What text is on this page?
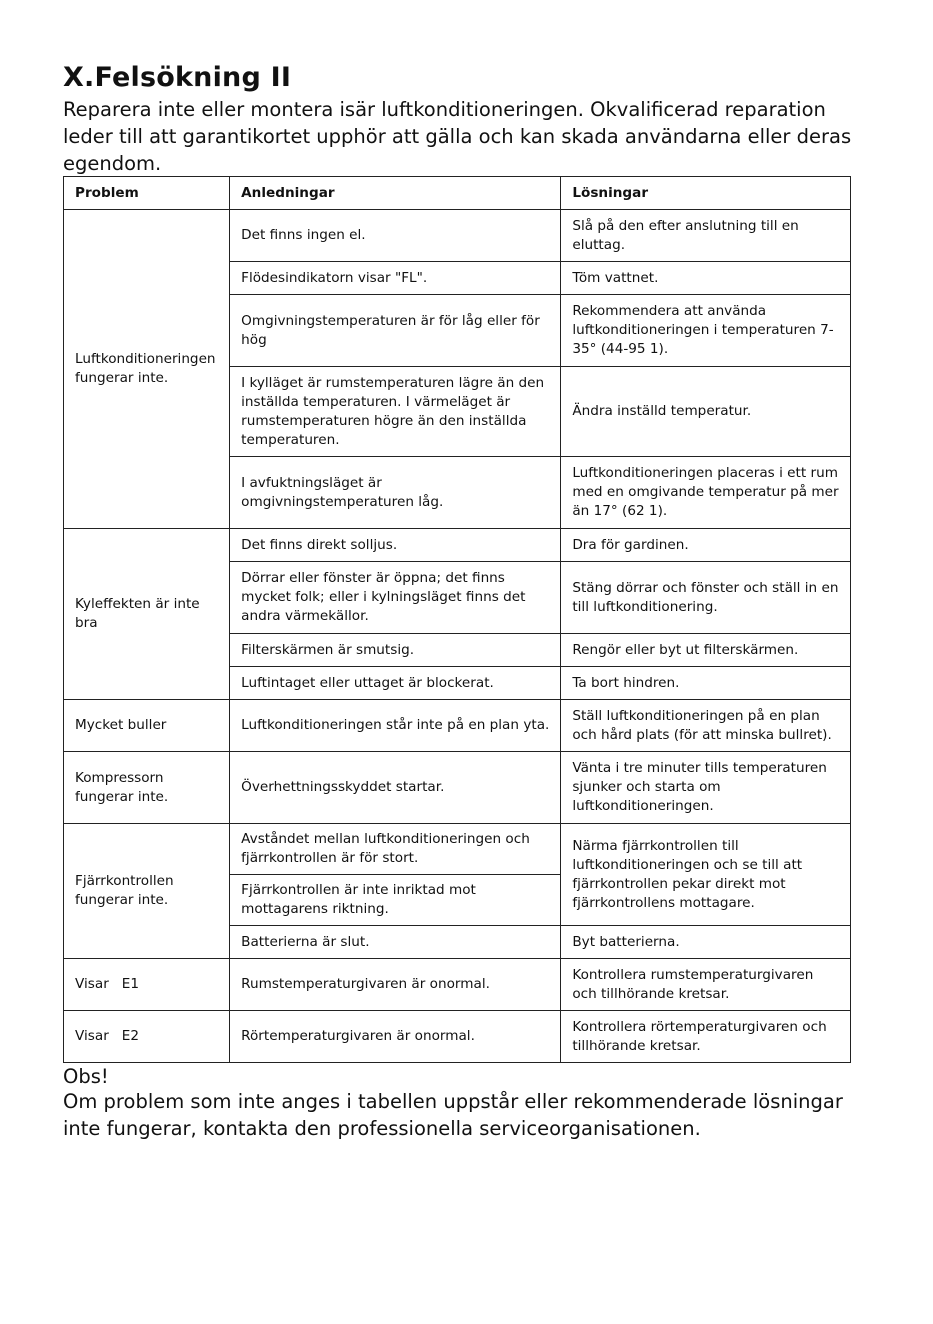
X.Felsökning II

Reparera inte eller montera isär luftkonditioneringen. Okvalificerad reparation leder till att garantikortet upphör att gälla och kan skada användarna eller deras egendom.

Problem	Anledningar	Lösningar
Luftkonditioneringen fungerar inte.	Det finns ingen el.	Slå på den efter anslutning till en eluttag.
	Flödesindikatorn visar "FL".	Töm vattnet.
	Omgivningstemperaturen är för låg eller för hög	Rekommendera att använda luftkonditioneringen i temperaturen 7-35° (44-95 1).
	I kylläget är rumstemperaturen lägre än den inställda temperaturen. I värmeläget är rumstemperaturen högre än den inställda temperaturen.	Ändra inställd temperatur.
	I avfuktningsläget är omgivningstemperaturen låg.	Luftkonditioneringen placeras i ett rum med en omgivande temperatur på mer än 17° (62 1).
Kyleffekten är inte bra	Det finns direkt solljus.	Dra för gardinen.
	Dörrar eller fönster är öppna; det finns mycket folk; eller i kylningsläget finns det andra värmekällor.	Stäng dörrar och fönster och ställ in en till luftkonditionering.
	Filterskärmen är smutsig.	Rengör eller byt ut filterskärmen.
	Luftintaget eller uttaget är blockerat.	Ta bort hindren.
Mycket buller	Luftkonditioneringen står inte på en plan yta.	Ställ luftkonditioneringen på en plan och hård plats (för att minska bullret).
Kompressorn fungerar inte.	Överhettningsskyddet startar.	Vänta i tre minuter tills temperaturen sjunker och starta om luftkonditioneringen.
Fjärrkontrollen fungerar inte.	Avståndet mellan luftkonditioneringen och fjärrkontrollen är för stort.	Närma fjärrkontrollen till luftkonditioneringen och se till att fjärrkontrollen pekar direkt mot fjärrkontrollens mottagare.
	Fjärrkontrollen är inte inriktad mot mottagarens riktning.	
	Batterierna är slut.	Byt batterierna.
Visar   E1	Rumstemperaturgivaren är onormal.	Kontrollera rumstemperaturgivaren och tillhörande kretsar.
Visar   E2	Rörtemperaturgivaren är onormal.	Kontrollera rörtemperaturgivaren och tillhörande kretsar.

Obs!

Om problem som inte anges i tabellen uppstår eller rekommenderade lösningar inte fungerar, kontakta den professionella serviceorganisationen.
